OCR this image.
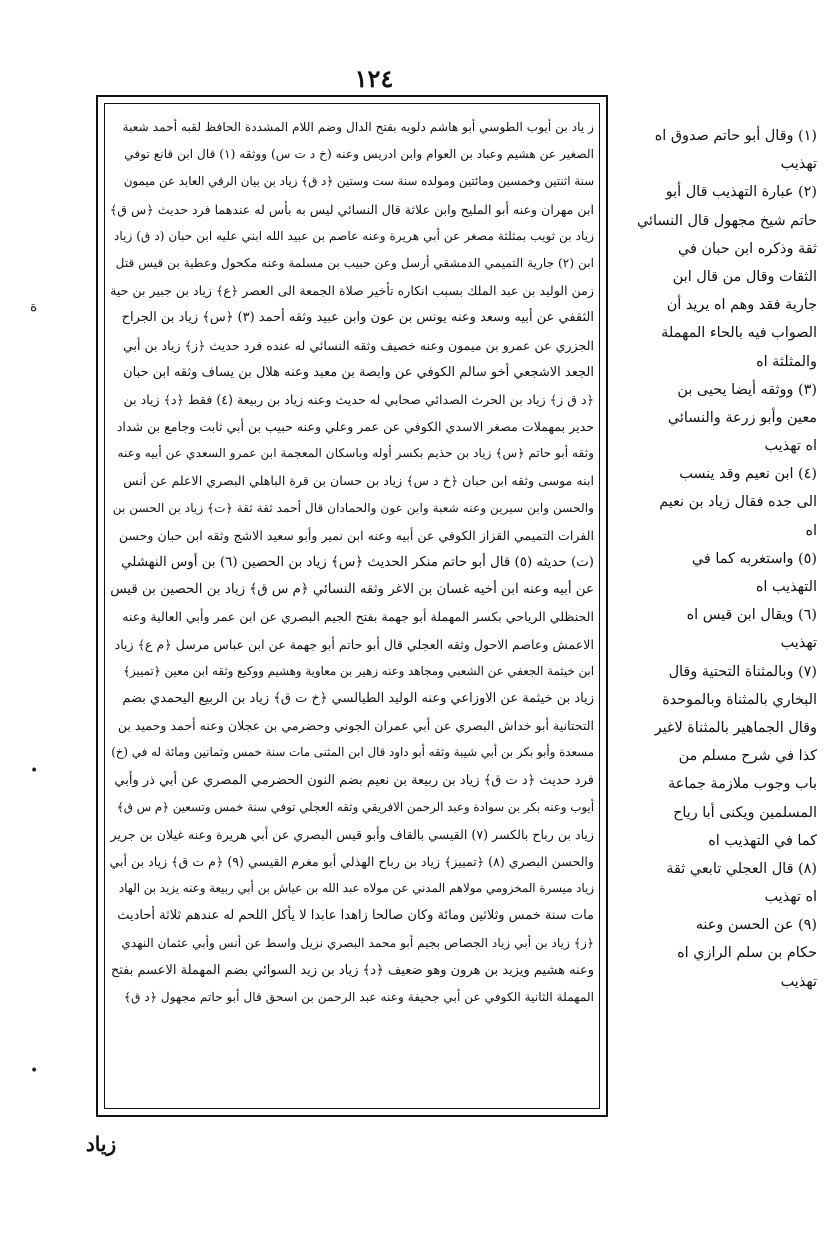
١٢٤
ز ياد بن أيوب الطوسي أبو هاشم دلويه بفتح الدال وضم اللام المشددة الحافظ لقبه أحمد شعبة
الصغير عن هشيم وعباد بن العوام وابن ادريس وعنه (خ د ت س) ووثقه (١) قال ابن قانع توفي
سنة اثنتين وخمسين ومائتين ومولده سنة ست وستين ﴿د ق﴾ زياد بن بيان الرقي العابد عن ميمون
ابن مهران وعنه أبو المليح وابن علاثة قال النسائي ليس به بأس له عندهما فرد حديث ﴿س ق﴾
زياد بن ثويب بمثلثة مصغر عن أبي هريرة وعنه عاصم بن عبيد الله ابني عليه ابن حبان (د ق) زياد
ابن (٢) جارية التميمي الدمشقي أرسل وعن حبيب بن مسلمة وعنه مكحول وعطية بن قيس قتل
زمن الوليد بن عبد الملك بسبب انكاره تأخير صلاة الجمعة الى العصر ﴿ع﴾ زياد بن جبير بن حية
الثقفي عن أبيه وسعد وعنه يونس بن عون وابن عبيد وثقه أحمد (٣) ﴿س﴾ زياد بن الجراح
الجزري عن عمرو بن ميمون وعنه خصيف وثقه النسائي له عنده فرد حديث ﴿ز﴾ زياد بن أبي
الجعد الاشجعي أخو سالم الكوفي عن وابصة بن معبد وعنه هلال بن يساف وثقه ابن حبان
﴿د ق ز﴾ زياد بن الحرث الصدائي صحابي له حديث وعنه زياد بن ربيعة (٤) فقط ﴿د﴾ زياد بن
حدير بمهملات مصغر الاسدي الكوفي عن عمر وعلي وعنه حبيب بن أبي ثابت وجامع بن شداد
وثقه أبو حاتم ﴿س﴾ زياد بن حذيم بكسر أوله وباسكان المعجمة ابن عمرو السعدي عن أبيه وعنه
ابنه موسى وثقه ابن حبان ﴿خ د س﴾ زياد بن حسان بن قرة الباهلي البصري الاعلم عن أنس
والحسن وابن سيرين وعنه شعبة وابن عون والحمادان قال أحمد ثقة ثقة ﴿ت﴾ زياد بن الحسن بن
الفرات التميمي القزاز الكوفي عن أبيه وعنه ابن نمير وأبو سعيد الاشج وثقه ابن حبان وحسن
(ت) حديثه (٥) قال أبو حاتم منكر الحديث ﴿س﴾ زياد بن الحصين (٦) بن أوس النهشلي
عن أبيه وعنه ابن أخيه غسان بن الاغر وثقه النسائي ﴿م س ق﴾ زياد بن الحصين بن قيس
الحنظلي الرياحي بكسر المهملة أبو جهمة بفتح الجيم البصري عن ابن عمر وأبي العالية وعنه
الاعمش وعاصم الاحول وثقه العجلي قال أبو حاتم أبو جهمة عن ابن عباس مرسل ﴿م ع﴾ زياد
ابن خيثمة الجعفي عن الشعبي ومجاهد وعنه زهير بن معاوية وهشيم ووكيع وثقه ابن معين ﴿تمييز﴾
زياد بن خيثمة عن الاوزاعي وعنه الوليد الطيالسي ﴿خ ت ق﴾ زياد بن الربيع اليحمدي بضم
التحتانية أبو خداش البصري عن أبي عمران الجوني وحضرمي بن عجلان وعنه أحمد وحميد بن
مسعدة وأبو بكر بن أبي شيبة وثقه أبو داود قال ابن المثنى مات سنة خمس وثمانين ومائة له في (خ)
فرد حديث ﴿د ت ق﴾ زياد بن ربيعة بن نعيم بضم النون الحضرمي المصري عن أبي ذر وأبي
أيوب وعنه بكر بن سوادة وعبد الرحمن الافريقي وثقه العجلي توفي سنة خمس وتسعين ﴿م س ق﴾
زياد بن رباح بالكسر (٧) القيسي بالقاف وأبو قيس البصري عن أبي هريرة وعنه غيلان بن جرير
والحسن البصري (٨) ﴿تمييز﴾ زياد بن رباح الهذلي أبو مغرم القيسي (٩) ﴿م ت ق﴾ زياد بن أبي
زياد ميسرة المخزومي مولاهم المدني عن مولاه عبد الله بن عياش بن أبي ربيعة وعنه يزيد بن الهاد
مات سنة خمس وثلاثين ومائة وكان صالحا زاهدا عابدا لا يأكل اللحم له عندهم ثلاثة أحاديث
﴿ز﴾ زياد بن أبي زياد الجصاص بجيم أبو محمد البصري نزيل واسط عن أنس وأبي عثمان النهدي
وعنه هشيم ويزيد بن هرون وهو ضعيف ﴿د﴾ زياد بن زيد السوائي بضم المهملة الاعسم بفتح
المهملة الثانية الكوفي عن أبي جحيفة وعنه عبد الرحمن بن اسحق قال أبو حاتم مجهول ﴿د ق﴾
(١) وقال أبو حاتم صدوق اه
تهذيب
(٢) عبارة التهذيب قال أبو
حاتم شيخ مجهول قال النسائي
ثقة وذكره ابن حبان في
الثقات وقال من قال ابن
جارية فقد وهم اه يريد أن
الصواب فيه بالحاء المهملة
والمثلثة اه
(٣) ووثقه أيضا يحيى بن
معين وأبو زرعة والنسائي
اه تهذيب
(٤) ابن نعيم وقد ينسب
الى جده فقال زياد بن نعيم
اه
(٥) واستغربه كما في
التهذيب اه
(٦) ويقال ابن قيس اه
تهذيب
(٧) وبالمثناة التحتية وقال
البخاري بالمثناة وبالموحدة
وقال الجماهير بالمثناة لاغير
كذا في شرح مسلم من
باب وجوب ملازمة جماعة
المسلمين ويكنى أبا رياح
كما في التهذيب اه
(٨) قال العجلي تابعي ثقة
اه تهذيب
(٩) عن الحسن وعنه
حكام بن سلم الرازي اه
تهذيب
زياد
ة
•
•
